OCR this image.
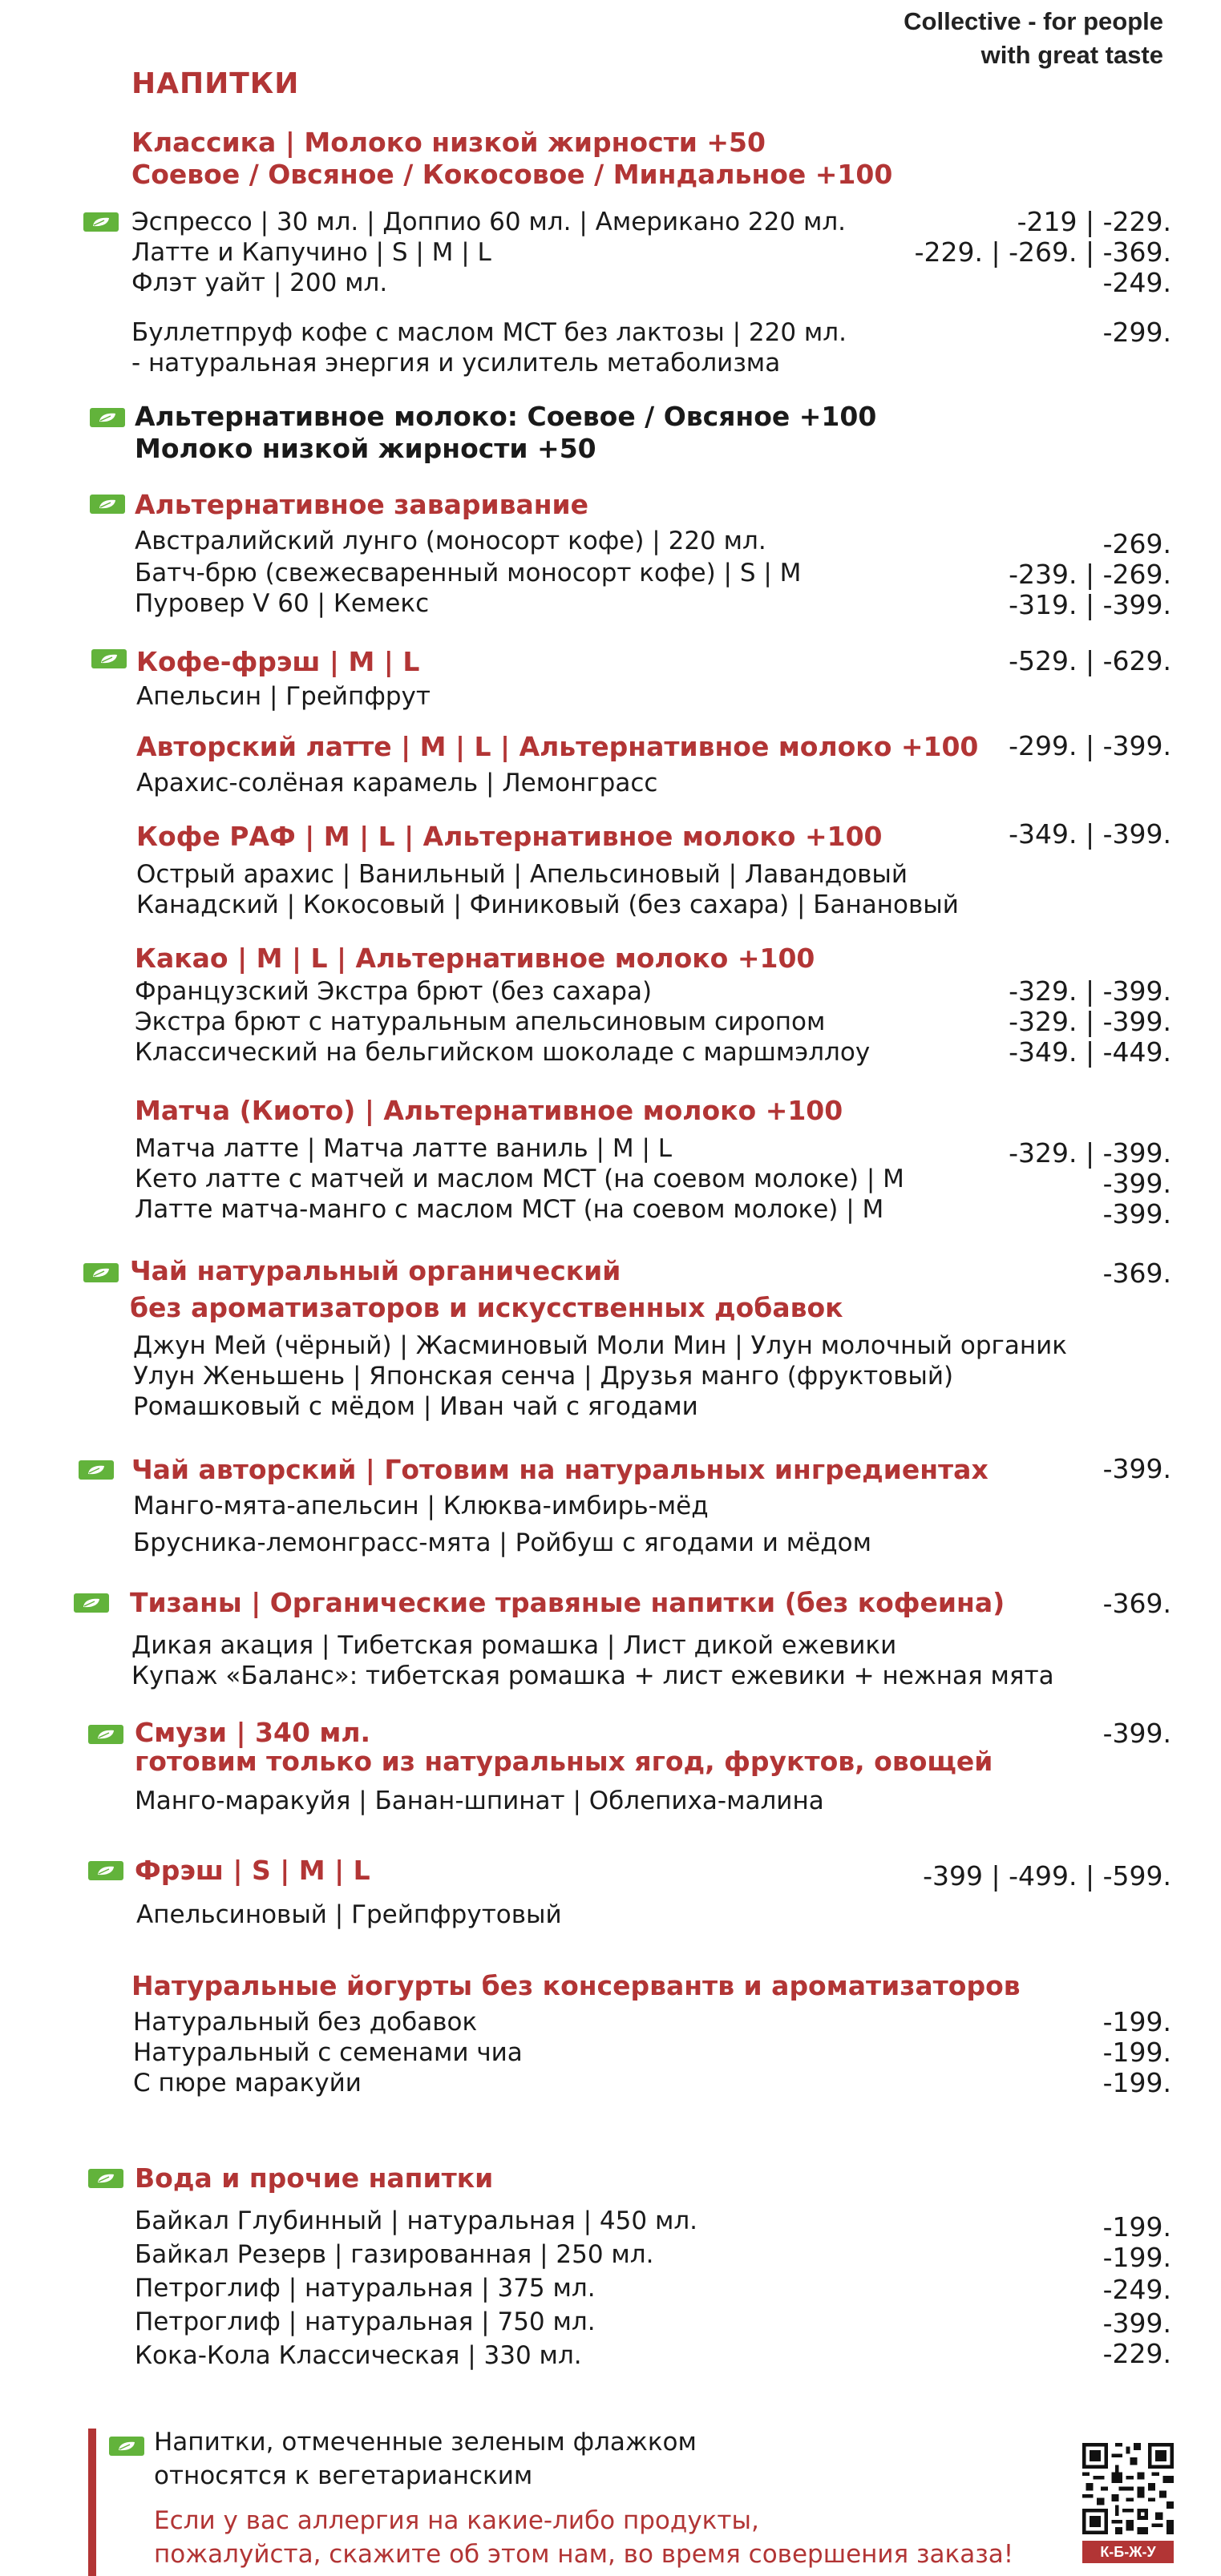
Collective - for people
with great taste
НАПИТКИ
Классика | Молоко низкой жирности +50
Соевое / Овсяное / Кокосовое / Миндальное +100
Эспрессо | 30 мл. | Доппио 60 мл. | Американо 220 мл.	-219 | -229.
Латте и Капучино | S | M | L	-229. | -269. | -369.
Флэт уайт | 200 мл.	-249.
Буллетпруф кофе с маслом МСТ без лактозы | 220 мл.	-299.
- натуральная энергия и усилитель метаболизма
Альтернативное молоко: Соевое / Овсяное +100
Молоко низкой жирности +50
Альтернативное заваривание
Австралийский лунго (моносорт кофе) | 220 мл.	-269.
Батч-брю (свежесваренный моносорт кофе) | S | M	-239. | -269.
Пуровер V 60 | Кемекс	-319. | -399.
Кофе-фрэш | M | L	-529. | -629.
Апельсин | Грейпфрут
Авторский латте | M | L | Альтернативное молоко +100 -299. | -399.
Арахис-солёная карамель | Лемонграсс
Кофе РАФ | M | L | Альтернативное молоко +100	-349. | -399.
Острый арахис | Ванильный | Апельсиновый | Лавандовый
Канадский | Кокосовый | Финиковый (без сахара) | Банановый
Какао | M | L | Альтернативное молоко +100
Французский Экстра брют (без сахара)	-329. | -399.
Экстра брют с натуральным апельсиновым сиропом	-329. | -399.
Классический на бельгийском шоколаде с маршмэллоу	-349. | -449.
Матча (Киото) | Альтернативное молоко +100
Матча латте | Матча латте ваниль | M | L	-329. | -399.
Кето латте с матчей и маслом МСТ (на соевом молоке) | M	-399.
Латте матча-манго с маслом МСТ (на соевом молоке) | M	-399.
Чай натуральный органический	-369.
без ароматизаторов и искусственных добавок
Джун Мей (чёрный) | Жасминовый Моли Мин | Улун молочный органик
Улун Женьшень | Японская сенча | Друзья манго (фруктовый)
Ромашковый с мёдом | Иван чай с ягодами
Чай авторский | Готовим на натуральных ингредиентах	-399.
Манго-мята-апельсин | Клюква-имбирь-мёд
Брусника-лемонграсс-мята | Ройбуш с ягодами и мёдом
Тизаны | Органические травяные напитки (без кофеина)	-369.
Дикая акация | Тибетская ромашка | Лист дикой ежевики
Купаж «Баланс»: тибетская ромашка + лист ежевики + нежная мята
Смузи | 340 мл.	-399.
готовим только из натуральных ягод, фруктов, овощей
Манго-маракуйя | Банан-шпинат | Облепиха-малина
Фрэш | S | M | L	-399 | -499. | -599.
Апельсиновый | Грейпфрутовый
Натуральные йогурты без консервантв и ароматизаторов
Натуральный без добавок	-199.
Натуральный с семенами чиа	-199.
С пюре маракуйи	-199.
Вода и прочие напитки
Байкал Глубинный | натуральная | 450 мл.	-199.
Байкал Резерв | газированная | 250 мл.	-199.
Петроглиф | натуральная | 375 мл.	-249.
Петроглиф | натуральная | 750 мл.	-399.
Кока-Кола Классическая | 330 мл.	-229.
Напитки, отмеченные зеленым флажком
относятся к вегетарианским
Если у вас аллергия на какие-либо продукты,
пожалуйста, скажите об этом нам, во время совершения заказа!	К-Б-Ж-У
